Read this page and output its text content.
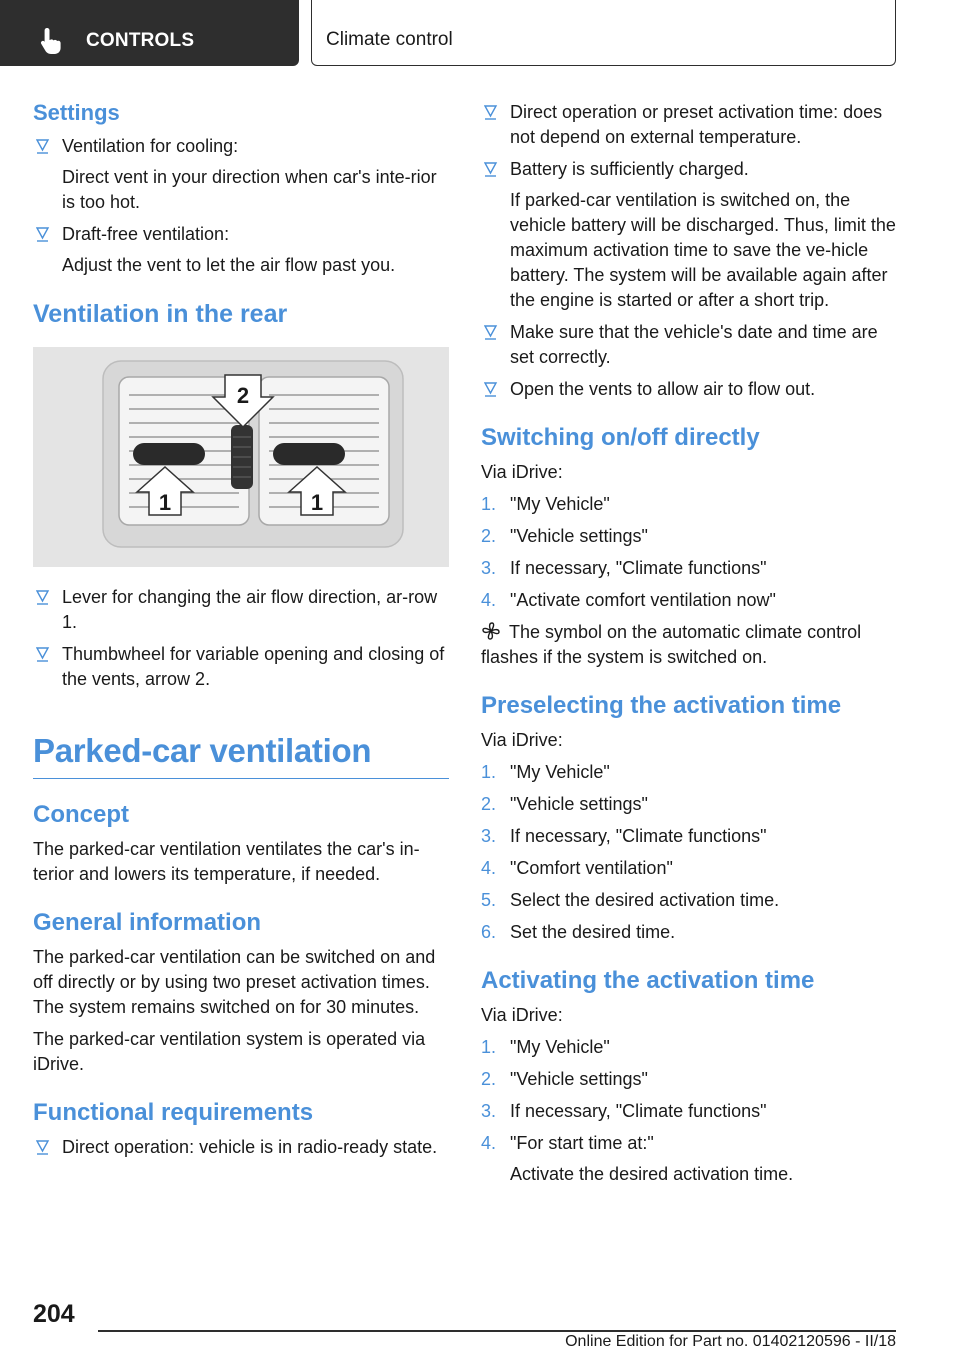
CONTROLS	Climate control
Settings
Ventilation for cooling:
Direct vent in your direction when car's inte‐rior is too hot.
Draft-free ventilation:
Adjust the vent to let the air flow past you.
Ventilation in the rear
1
2
1
Lever for changing the air flow direction, ar‐row 1.
Thumbwheel for variable opening and closing of the vents, arrow 2.
Parked-car ventilation
Concept

The parked-car ventilation ventilates the car's in‐terior and lowers its temperature, if needed.

General information

The parked-car ventilation can be switched on and off directly or by using two preset activation times. The system remains switched on for 30 minutes.

The parked-car ventilation system is operated via iDrive.

Functional requirements
Direct operation: vehicle is in radio-ready state.
Direct operation or preset activation time: does not depend on external temperature.
Battery is sufficiently charged.
If parked-car ventilation is switched on, the vehicle battery will be discharged. Thus, limit the maximum activation time to save the ve‐hicle battery. The system will be available again after the engine is started or after a short trip.
Make sure that the vehicle's date and time are set correctly.
Open the vents to allow air to flow out.
Switching on/off directly

Via iDrive:

1. "My Vehicle"
2. "Vehicle settings"
3. If necessary, "Climate functions"
4. "Activate comfort ventilation now"

The symbol on the automatic climate control flashes if the system is switched on.

Preselecting the activation time

Via iDrive:

1. "My Vehicle"
2. "Vehicle settings"
3. If necessary, "Climate functions"
4. "Comfort ventilation"
5. Select the desired activation time.
6. Set the desired time.
Activating the activation time

Via iDrive:

1. "My Vehicle"
2. "Vehicle settings"
3. If necessary, "Climate functions"
4. "For start time at:"
Activate the desired activation time.
204
Online Edition for Part no. 01402120596 - II/18
